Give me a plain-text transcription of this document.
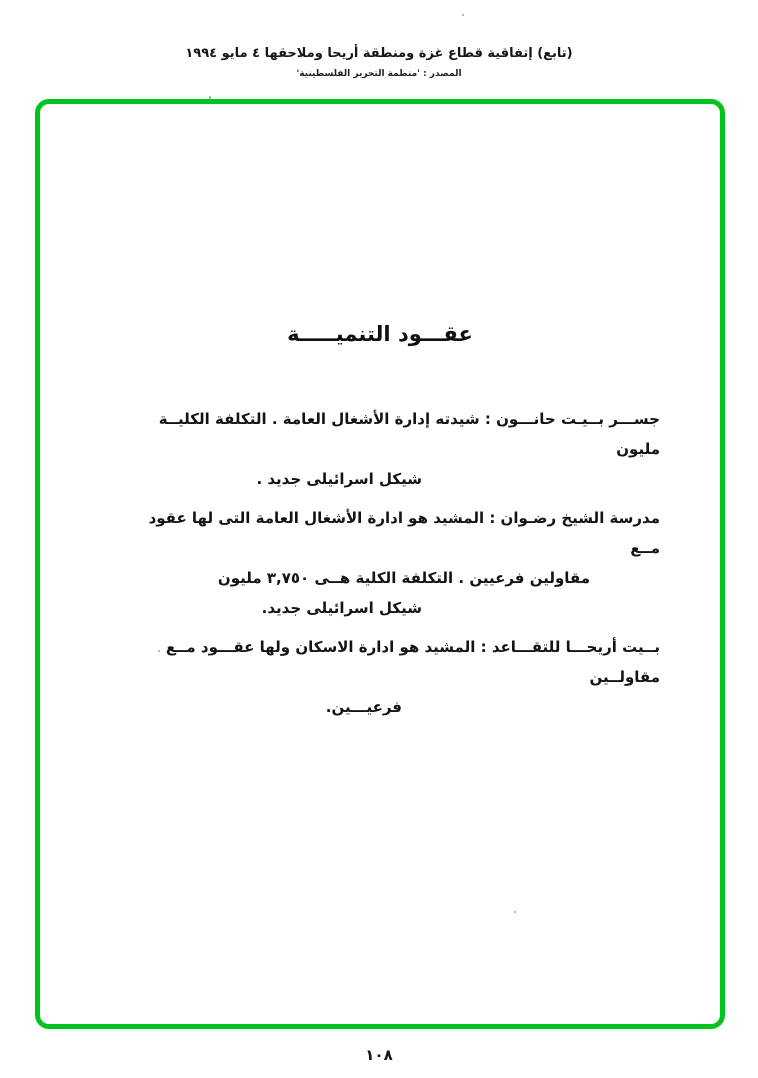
(تابع) إتفاقية قطاع غزة ومنطقة أريحا وملاحقها ٤ مايو ١٩٩٤
المصدر : 'منظمة التحرير الفلسطينية'
عقـــود التنميـــــة

جســـر بــيـت حانـــون : شيدته إدارة الأشغال العامة . التكلفة الكليــة مليون
شيكل اسرائيلى جديد .

مدرسة الشيخ رضـوان : المشيد هو ادارة الأشغال العامة التى لها عقود مــع
مقاولين فرعيين . التكلفة الكلية هــى ٣,٧٥٠ مليون
شيكل اسرائيلى جديد.

بــيت أريحـــا للتقـــاعد : المشيد هو ادارة الاسكان ولها عقـــود مــع مقاولــين
فرعيـــين.

١٠٨
